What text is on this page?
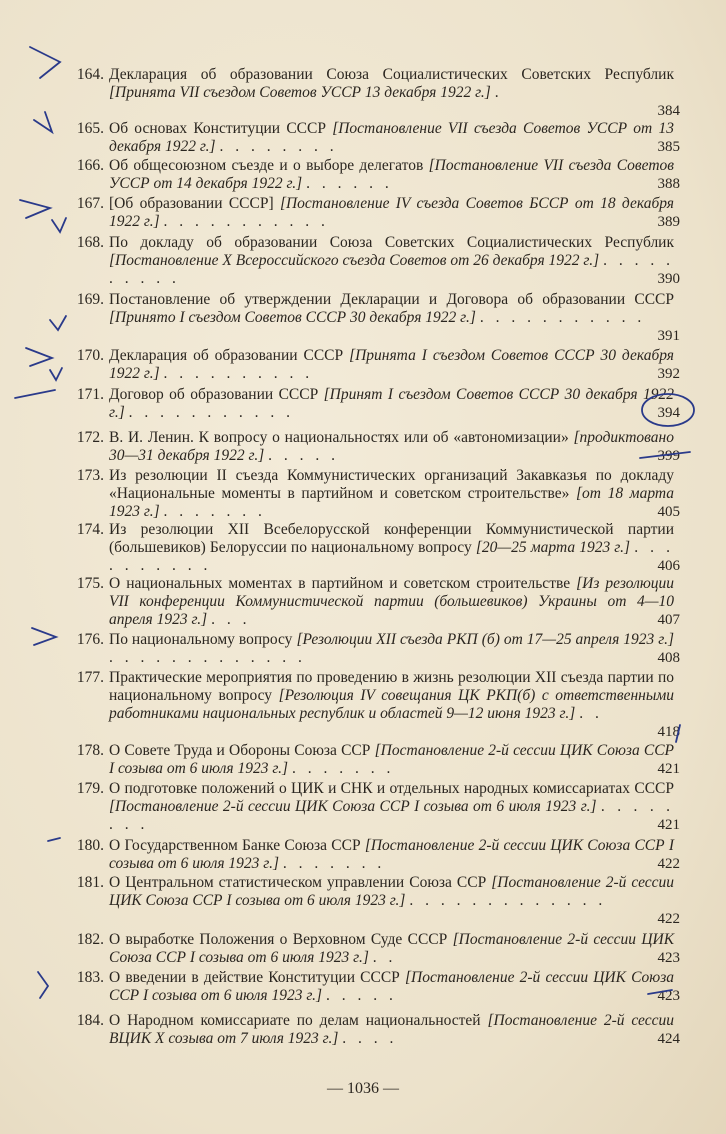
164. Декларация об образовании Союза Социалистических Советских Республик [Принята VII съездом Советов УССР 13 декабря 1922 г.] .
384
165. Об основах Конституции СССР [Постановление VII съезда Советов УССР от 13 декабря 1922 г.] . . . . . . . .	385
166. Об общесоюзном съезде и о выборе делегатов [Постановление VII съезда Советов УССР от 14 декабря 1922 г.] . . . . . .	388
167. [Об образовании СССР] [Постановление IV съезда Советов БССР от 18 декабря 1922 г.] . . . . . . . . . . .	389
168. По докладу об образовании Союза Советских Социалистических Республик [Постановление X Всероссийского съезда Советов от 26 декабря 1922 г.] . . . . . . . . . .	390
169. Постановление об утверждении Декларации и Договора об образовании СССР [Принято I съездом Советов СССР 30 декабря 1922 г.] . . . . . . . . . . .
391
170. Декларация об образовании СССР [Принята I съездом Советов СССР 30 декабря 1922 г.] . . . . . . . . . .	392
171. Договор об образовании СССР [Принят I съездом Советов СССР 30 декабря 1922 г.] . . . . . . . . . . .	394
172. В. И. Ленин. К вопросу о национальностях или об «автономизации» [продиктовано 30—31 декабря 1922 г.] . . . . .	399
173. Из резолюции II съезда Коммунистических организаций Закавказья по докладу «Национальные моменты в партийном и советском строительстве» [от 18 марта 1923 г.] . . . . . . .	405
174. Из резолюции XII Всебелорусской конференции Коммунистической партии (большевиков) Белоруссии по национальному вопросу [20—25 марта 1923 г.] . . . . . . . . . .	406
175. О национальных моментах в партийном и советском строительстве [Из резолюции VII конференции Коммунистической партии (большевиков) Украины от 4—10 апреля 1923 г.] . . .	407
176. По национальному вопросу [Резолюции XII съезда РКП (б) от 17—25 апреля 1923 г.] . . . . . . . . . . . . .	408
177. Практические мероприятия по проведению в жизнь резолюции XII съезда партии по национальному вопросу [Резолюция IV совещания ЦК РКП(б) с ответственными работниками национальных республик и областей 9—12 июня 1923 г.] . .
418
178. О Совете Труда и Обороны Союза ССР [Постановление 2-й сессии ЦИК Союза ССР I созыва от 6 июля 1923 г.] . . . . . . .	421
179. О подготовке положений о ЦИК и СНК и отдельных народных комиссариатах СССР [Постановление 2-й сессии ЦИК Союза ССР I созыва от 6 июля 1923 г.] . . . . . . . .	421
180. О Государственном Банке Союза ССР [Постановление 2-й сессии ЦИК Союза ССР I созыва от 6 июля 1923 г.] . . . . . . .	422
181. О Центральном статистическом управлении Союза ССР [Постановление 2-й сессии ЦИК Союза ССР I созыва от 6 июля 1923 г.] . . . . . . . . . . . . .
422
182. О выработке Положения о Верховном Суде СССР [Постановление 2-й сессии ЦИК Союза ССР I созыва от 6 июля 1923 г.] . .	423
183. О введении в действие Конституции СССР [Постановление 2-й сессии ЦИК Союза ССР I созыва от 6 июля 1923 г.] . . . . .	423
184. О Народном комиссариате по делам национальностей [Постановление 2-й сессии ВЦИК X созыва от 7 июля 1923 г.] . . . .	424
— 1036 —
